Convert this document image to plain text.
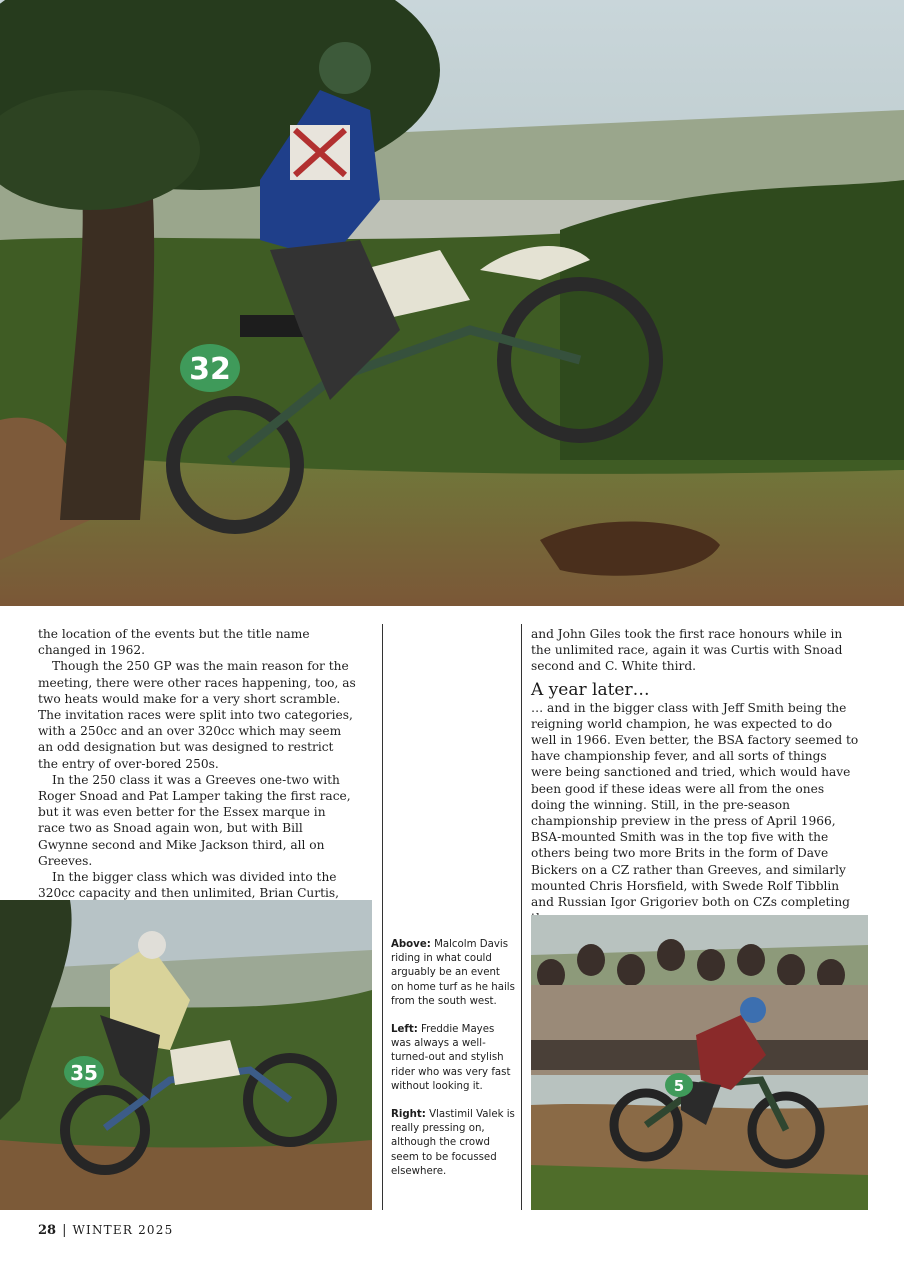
32

the location of the events but the title name changed in 1962.

Though the 250 GP was the main reason for the meeting, there were other races happening, too, as two heats would make for a very short scramble. The invitation races were split into two categories, with a 250cc and an over 320cc which may seem an odd designation but was designed to restrict the entry of over-bored 250s.

In the 250 class it was a Greeves one-two with Roger Snoad and Pat Lamper taking the first race, but it was even better for the Essex marque in race two as Snoad again won, but with Bill Gwynne second and Mike Jackson third, all on Greeves.

In the bigger class which was divided into the 320cc capacity and then unlimited, Brian Curtis,

and John Giles took the first race honours while in the unlimited race, again it was Curtis with Snoad second and C. White third.

A year later…

… and in the bigger class with Jeff Smith being the reigning world champion, he was expected to do well in 1966. Even better, the BSA factory seemed to have championship fever, and all sorts of things were being sanctioned and tried, which would have been good if these ideas were all from the ones doing the winning. Still, in the pre-season championship preview in the press of April 1966, BSA-mounted Smith was in the top five with the others being two more Brits in the form of Dave Bickers on a CZ rather than Greeves, and similarly mounted Chris Horsfield, with Swede Rolf Tibblin and Russian Igor Grigoriev both on CZs completing

35

Above: Malcolm Davis riding in what could arguably be an event on home turf as he hails from the south west.

Left: Freddie Mayes was always a well-turned-out and stylish rider who was very fast without looking it.

Right: Vlastimil Valek is really pressing on, although the crowd seem to be focussed elsewhere.

5
28 | WINTER 2025
